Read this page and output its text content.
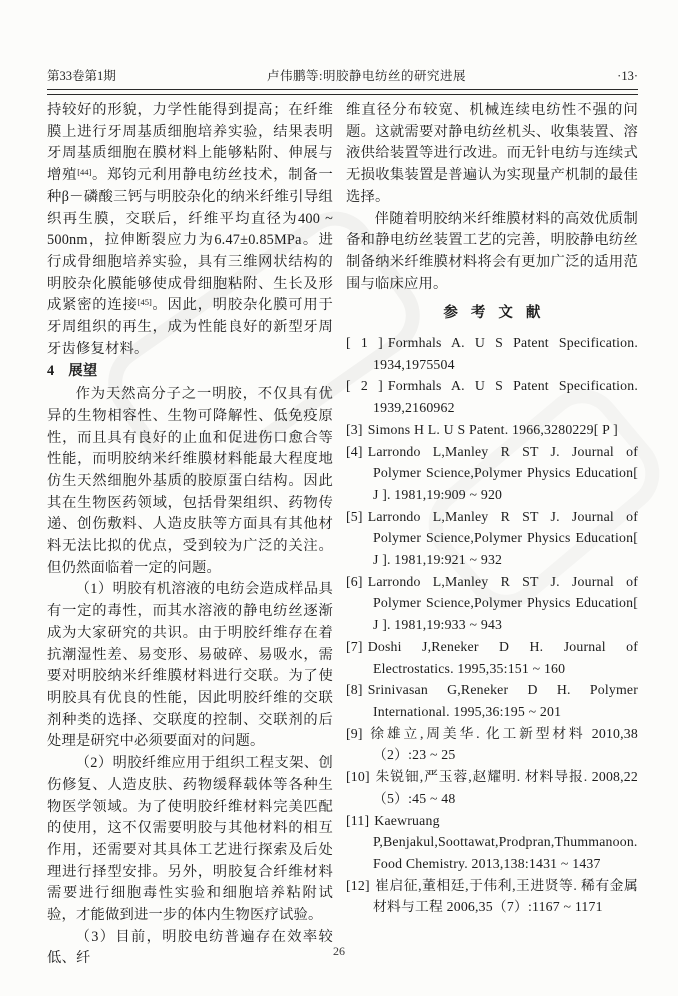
第33卷第1期	卢伟鹏等:明胶静电纺丝的研究进展	·13·

持较好的形貌，力学性能得到提高；在纤维膜上进行牙周基质细胞培养实验，结果表明牙周基质细胞在膜材料上能够粘附、伸展与增殖[44]。郑钧元利用静电纺丝技术，制备一种β－磷酸三钙与明胶杂化的纳米纤维引导组织再生膜，交联后，纤维平均直径为400 ~ 500nm，拉伸断裂应力为6.47±0.85MPa。进行成骨细胞培养实验，具有三维网状结构的明胶杂化膜能够使成骨细胞粘附、生长及形成紧密的连接[45]。因此，明胶杂化膜可用于牙周组织的再生，成为性能良好的新型牙周牙齿修复材料。

4 展望

作为天然高分子之一明胶，不仅具有优异的生物相容性、生物可降解性、低免疫原性，而且具有良好的止血和促进伤口愈合等性能，而明胶纳米纤维膜材料能最大程度地仿生天然细胞外基质的胶原蛋白结构。因此其在生物医药领域，包括骨架组织、药物传递、创伤敷料、人造皮肤等方面具有其他材料无法比拟的优点，受到较为广泛的关注。但仍然面临着一定的问题。

（1）明胶有机溶液的电纺会造成样品具有一定的毒性，而其水溶液的静电纺丝逐渐成为大家研究的共识。由于明胶纤维存在着抗潮湿性差、易变形、易破碎、易吸水，需要对明胶纳米纤维膜材料进行交联。为了使明胶具有优良的性能，因此明胶纤维的交联剂种类的选择、交联度的控制、交联剂的后处理是研究中必须要面对的问题。

（2）明胶纤维应用于组织工程支架、创伤修复、人造皮肤、药物缓释载体等各种生物医学领域。为了使明胶纤维材料完美匹配的使用，这不仅需要明胶与其他材料的相互作用，还需要对其具体工艺进行探索及后处理进行择型安排。另外，明胶复合纤维材料需要进行细胞毒性实验和细胞培养粘附试验，才能做到进一步的体内生物医疗试验。

（3）目前，明胶电纺普遍存在效率较低、纤

维直径分布较宽、机械连续电纺性不强的问题。这就需要对静电纺丝机头、收集装置、溶液供给装置等进行改进。而无针电纺与连续式无损收集装置是普遍认为实现量产机制的最佳选择。

伴随着明胶纳米纤维膜材料的高效优质制备和静电纺丝装置工艺的完善，明胶静电纺丝制备纳米纤维膜材料将会有更加广泛的适用范围与临床应用。

参 考 文 献
[ 1 ] Formhals A. U S Patent Specification. 1934,1975504
[ 2 ] Formhals A. U S Patent Specification. 1939,2160962
[3] Simons H L. U S Patent. 1966,3280229[ P ]
[4] Larrondo L,Manley R ST J. Journal of Polymer Science,Polymer Physics Education[ J ]. 1981,19:909 ~ 920
[5] Larrondo L,Manley R ST J. Journal of Polymer Science,Polymer Physics Education[ J ]. 1981,19:921 ~ 932
[6] Larrondo L,Manley R ST J. Journal of Polymer Science,Polymer Physics Education[ J ]. 1981,19:933 ~ 943
[7] Doshi J,Reneker D H. Journal of Electrostatics. 1995,35:151 ~ 160
[8] Srinivasan G,Reneker D H. Polymer International. 1995,36:195 ~ 201
[9] 徐雄立,周美华. 化工新型材料 2010,38（2）:23 ~ 25
[10] 朱锐钿,严玉蓉,赵耀明. 材料导报. 2008,22（5）:45 ~ 48
[11] Kaewruang P,Benjakul,Soottawat,Prodpran,Thummanoon. Food Chemistry. 2013,138:1431 ~ 1437
[12] 崔启征,董相廷,于伟利,王进贤等. 稀有金属材料与工程 2006,35（7）:1167 ~ 1171
26
